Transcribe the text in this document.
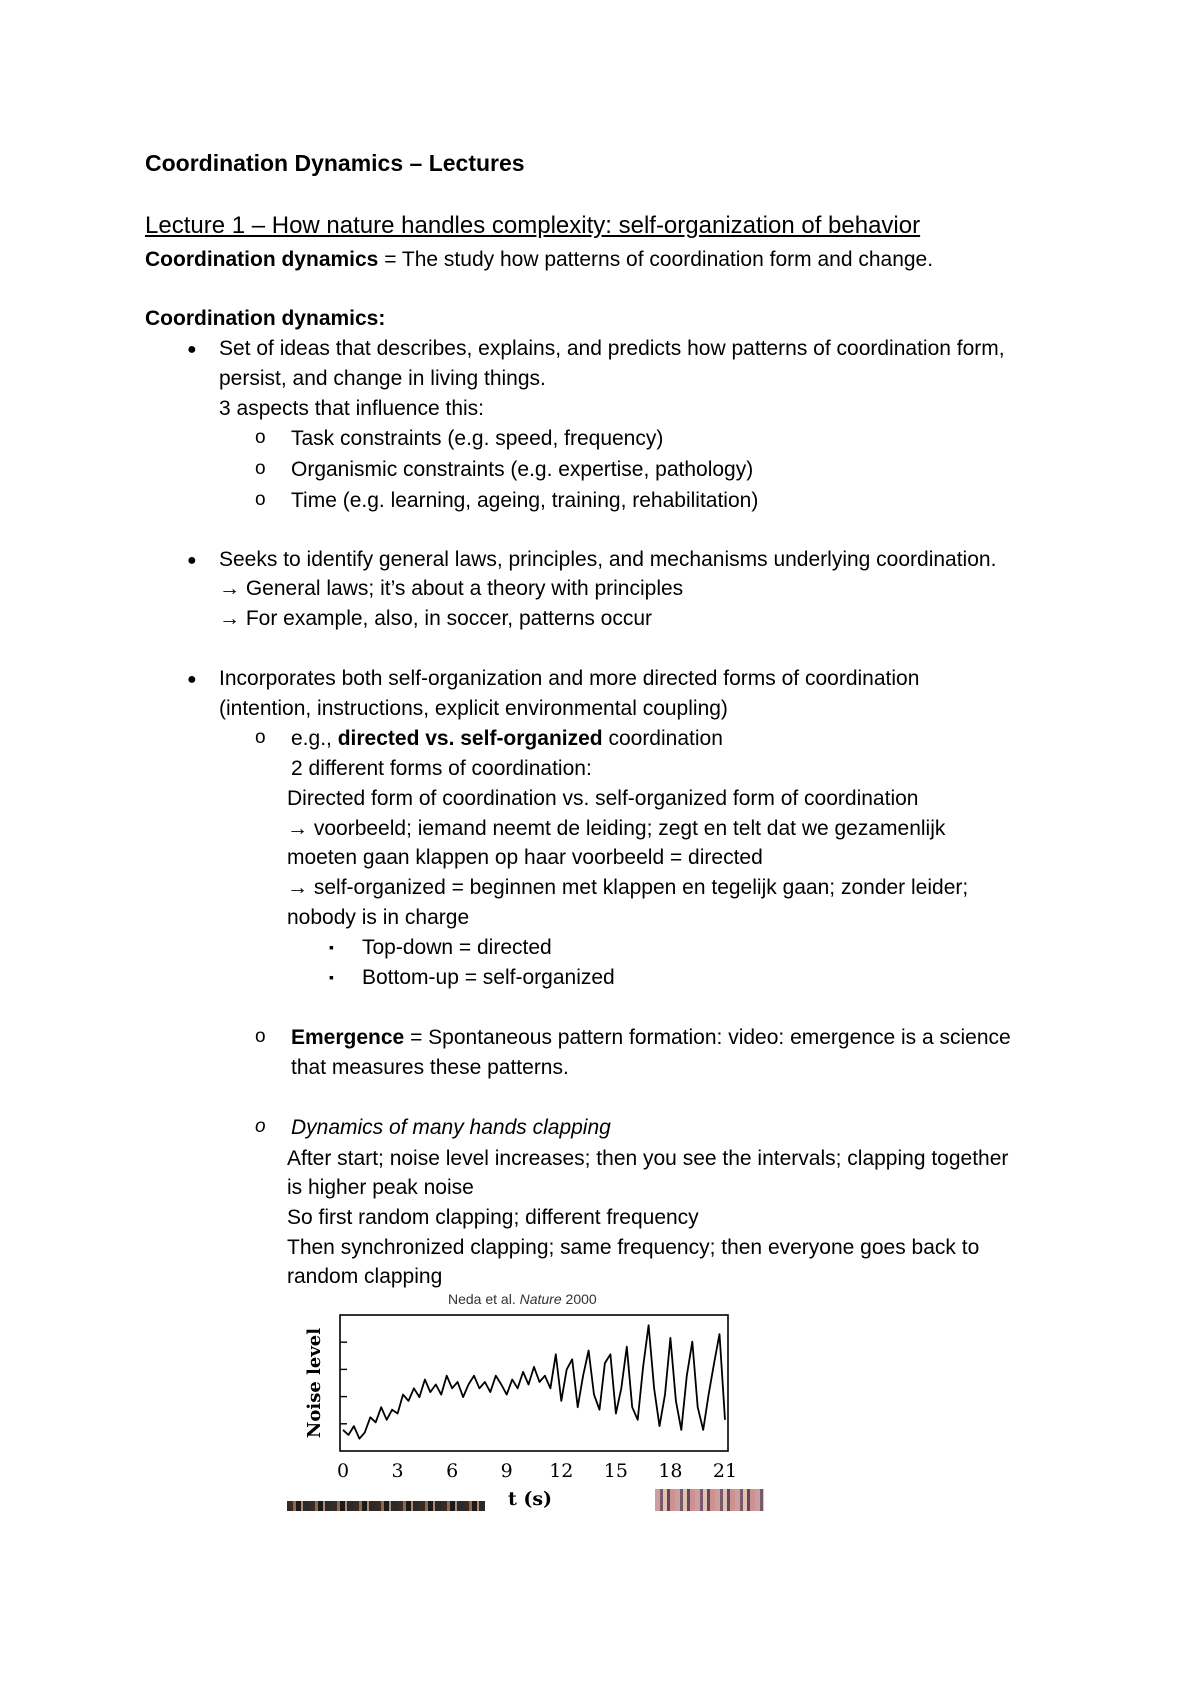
Coordination Dynamics – Lectures
Lecture 1 – How nature handles complexity: self-organization of behavior
Coordination dynamics = The study how patterns of coordination form and change.
Coordination dynamics:
● Set of ideas that describes, explains, and predicts how patterns of coordination form,
persist, and change in living things.
3 aspects that influence this:
o Task constraints (e.g. speed, frequency)
o Organismic constraints (e.g. expertise, pathology)
o Time (e.g. learning, ageing, training, rehabilitation)
● Seeks to identify general laws, principles, and mechanisms underlying coordination.
→ General laws; it’s about a theory with principles
→ For example, also, in soccer, patterns occur
● Incorporates both self-organization and more directed forms of coordination
(intention, instructions, explicit environmental coupling)
o e.g., directed vs. self-organized coordination
2 different forms of coordination:
Directed form of coordination vs. self-organized form of coordination
→ voorbeeld; iemand neemt de leiding; zegt en telt dat we gezamenlijk
moeten gaan klappen op haar voorbeeld = directed
→ self-organized = beginnen met klappen en tegelijk gaan; zonder leider;
nobody is in charge
▪ Top-down = directed
▪ Bottom-up = self-organized
o Emergence = Spontaneous pattern formation: video: emergence is a science
that measures these patterns.
o Dynamics of many hands clapping
After start; noise level increases; then you see the intervals; clapping together
is higher peak noise
So first random clapping; different frequency
Then synchronized clapping; same frequency; then everyone goes back to
random clapping
Neda et al. Nature 2000
0 3 6 9 12 15 18 21
Noise level
t (s)
